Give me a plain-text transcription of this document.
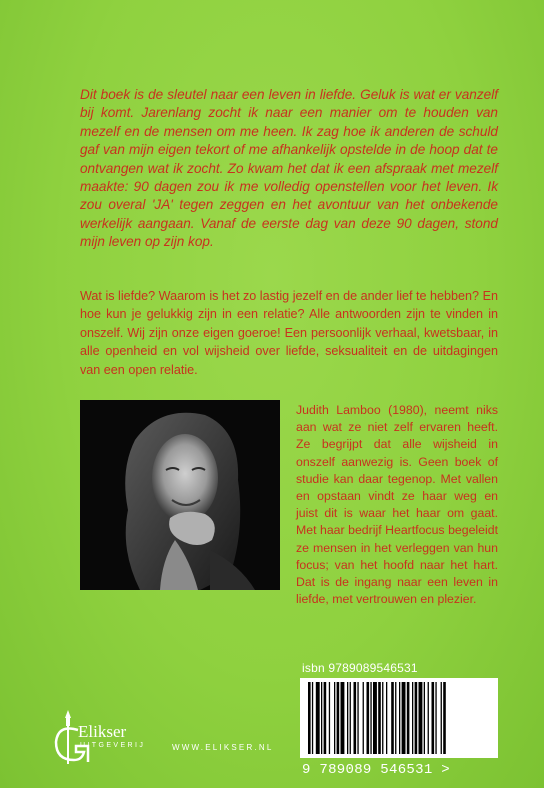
Dit boek is de sleutel naar een leven in liefde. Geluk is wat er vanzelf bij komt. Jarenlang zocht ik naar een manier om te houden van mezelf en de mensen om me heen. Ik zag hoe ik anderen de schuld gaf van mijn eigen tekort of me afhankelijk opstelde in de hoop dat te ontvangen wat ik zocht. Zo kwam het dat ik een afspraak met mezelf maakte: 90 dagen zou ik me volledig openstellen voor het leven. Ik zou overal 'JA' tegen zeggen en het avontuur van het onbekende werkelijk aangaan. Vanaf de eerste dag van deze 90 dagen, stond mijn leven op zijn kop.

Wat is liefde? Waarom is het zo lastig jezelf en de ander lief te hebben? En hoe kun je gelukkig zijn in een relatie? Alle antwoorden zijn te vinden in onszelf. Wij zijn onze eigen goeroe! Een persoonlijk verhaal, kwetsbaar, in alle openheid en vol wijsheid over liefde, seksualiteit en de uitdagingen van een open relatie.

Judith Lamboo (1980), neemt niks aan wat ze niet zelf ervaren heeft. Ze begrijpt dat alle wijsheid in onszelf aanwezig is. Geen boek of studie kan daar tegenop. Met vallen en opstaan vindt ze haar weg en juist dit is waar het haar om gaat. Met haar bedrijf Heartfocus begeleidt ze mensen in het verleggen van hun focus; van het hoofd naar het hart. Dat is de ingang naar een leven in liefde, met vertrouwen en plezier.

isbn 9789089546531
9 789089 546531 >
Elikser
UITGEVERIJ	WWW.ELIKSER.NL
